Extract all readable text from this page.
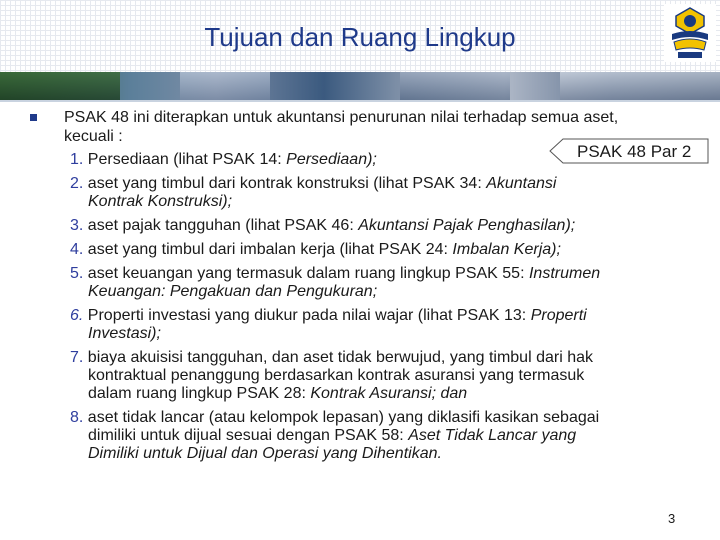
Tujuan dan Ruang Lingkup
PSAK 48 ini diterapkan untuk akuntansi penurunan nilai terhadap semua aset, kecuali :
PSAK 48 Par 2
1. Persediaan (lihat PSAK 14: Persediaan);
2. aset yang timbul dari kontrak konstruksi (lihat PSAK 34: Akuntansi
Kontrak Konstruksi);
3. aset pajak tangguhan (lihat PSAK 46: Akuntansi Pajak Penghasilan);
4. aset yang timbul dari imbalan kerja (lihat PSAK 24: Imbalan Kerja);
5. aset keuangan yang termasuk dalam ruang lingkup PSAK 55: Instrumen
Keuangan: Pengakuan dan Pengukuran;
6. Properti investasi yang diukur pada nilai wajar (lihat PSAK 13: Properti
Investasi);
7. biaya akuisisi tangguhan, dan aset tidak berwujud, yang timbul dari hak
kontraktual penanggung berdasarkan kontrak asuransi yang termasuk
dalam ruang lingkup PSAK 28: Kontrak Asuransi; dan
8. aset tidak lancar (atau kelompok lepasan) yang diklasifi kasikan sebagai
dimiliki untuk dijual sesuai dengan PSAK 58: Aset Tidak Lancar yang
Dimiliki untuk Dijual dan Operasi yang Dihentikan.
3
